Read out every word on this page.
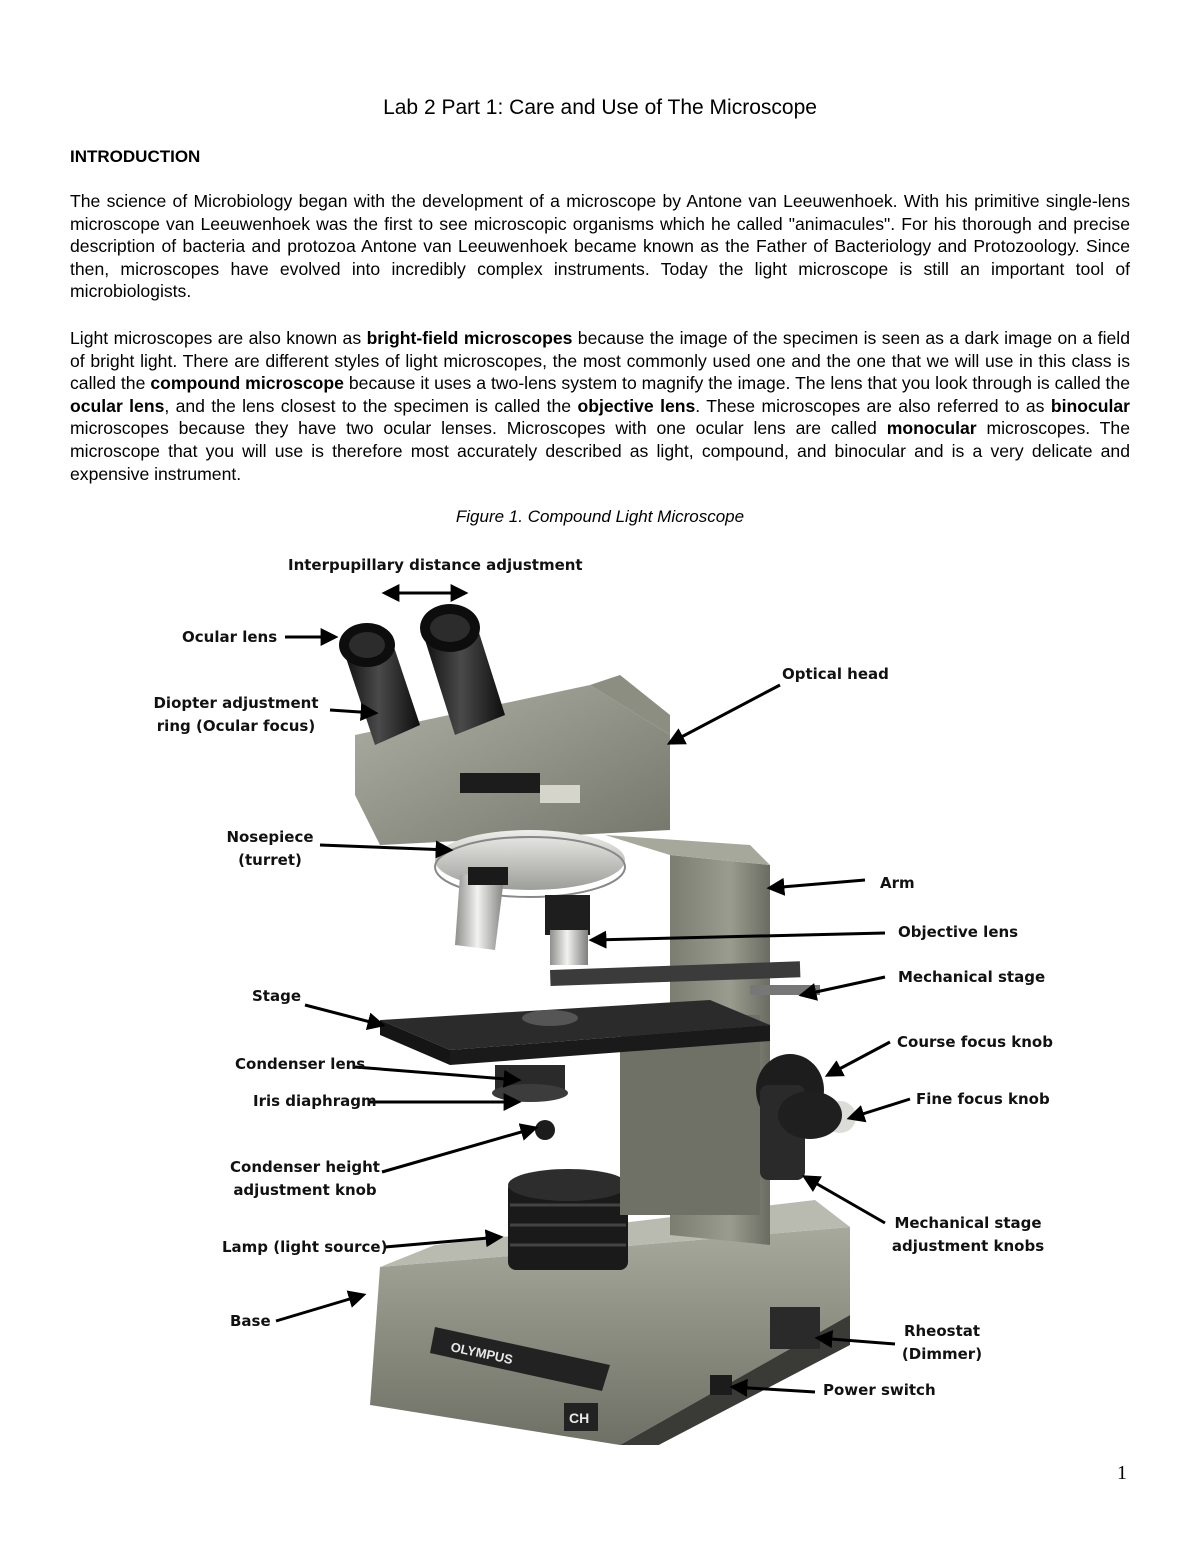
Lab 2 Part 1: Care and Use of The Microscope
INTRODUCTION
The science of Microbiology began with the development of a microscope by Antone van Leeuwenhoek. With his primitive single-lens microscope van Leeuwenhoek was the first to see microscopic organisms which he called "animacules". For his thorough and precise description of bacteria and protozoa Antone van Leeuwenhoek became known as the Father of Bacteriology and Protozoology. Since then, microscopes have evolved into incredibly complex instruments. Today the light microscope is still an important tool of microbiologists.
Light microscopes are also known as bright-field microscopes because the image of the specimen is seen as a dark image on a field of bright light. There are different styles of light microscopes, the most commonly used one and the one that we will use in this class is called the compound microscope because it uses a two-lens system to magnify the image. The lens that you look through is called the ocular lens, and the lens closest to the specimen is called the objective lens. These microscopes are also referred to as binocular microscopes because they have two ocular lenses. Microscopes with one ocular lens are called monocular microscopes. The microscope that you will use is therefore most accurately described as light, compound, and binocular and is a very delicate and expensive instrument.
Figure 1. Compound Light Microscope
OLYMPUS
CH
Interpupillary distance adjustment
Ocular lens
Diopter adjustment
ring (Ocular focus)
Optical head
Nosepiece
(turret)
Arm
Objective lens
Mechanical stage
Stage
Course focus knob
Condenser lens
Fine focus knob
Iris diaphragm
Condenser height
adjustment knob
Mechanical stage
adjustment knobs
Lamp (light source)
Base
Rheostat
(Dimmer)
Power switch
1
